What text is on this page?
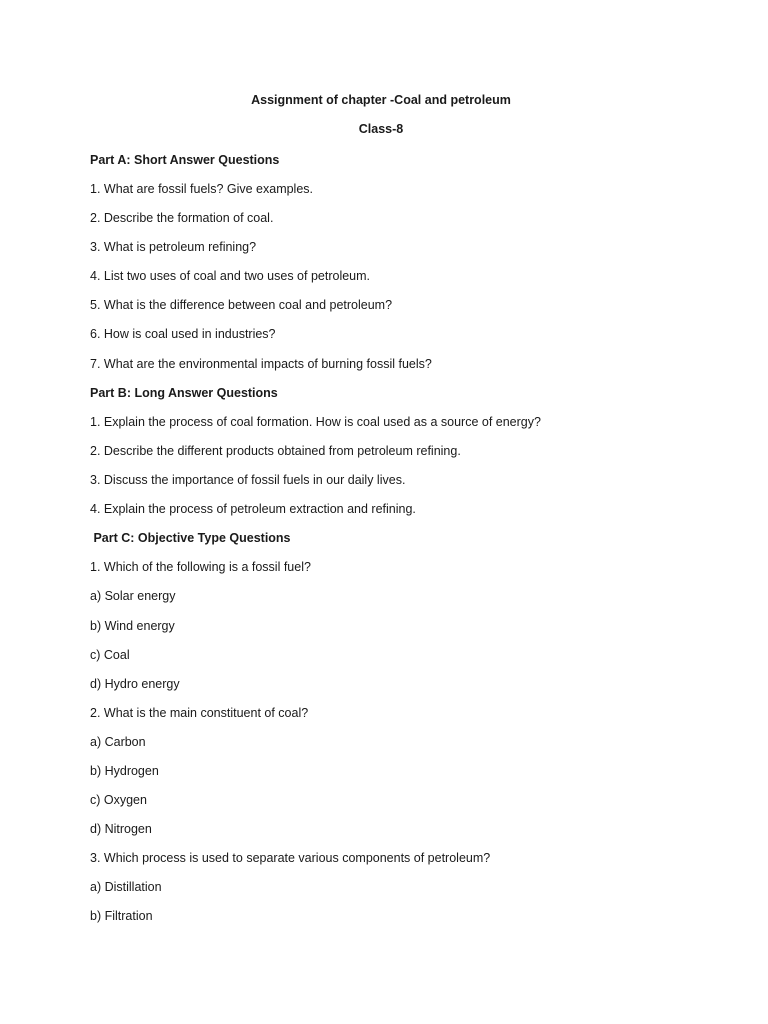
Assignment of chapter -Coal and petroleum
Class-8
Part A: Short Answer Questions
1. What are fossil fuels? Give examples.
2. Describe the formation of coal.
3. What is petroleum refining?
4. List two uses of coal and two uses of petroleum.
5. What is the difference between coal and petroleum?
6. How is coal used in industries?
7. What are the environmental impacts of burning fossil fuels?
Part B: Long Answer Questions
1. Explain the process of coal formation. How is coal used as a source of energy?
2. Describe the different products obtained from petroleum refining.
3. Discuss the importance of fossil fuels in our daily lives.
4. Explain the process of petroleum extraction and refining.
Part C: Objective Type Questions
1. Which of the following is a fossil fuel?
a) Solar energy
b) Wind energy
c) Coal
d) Hydro energy
2. What is the main constituent of coal?
a) Carbon
b) Hydrogen
c) Oxygen
d) Nitrogen
3. Which process is used to separate various components of petroleum?
a) Distillation
b) Filtration
